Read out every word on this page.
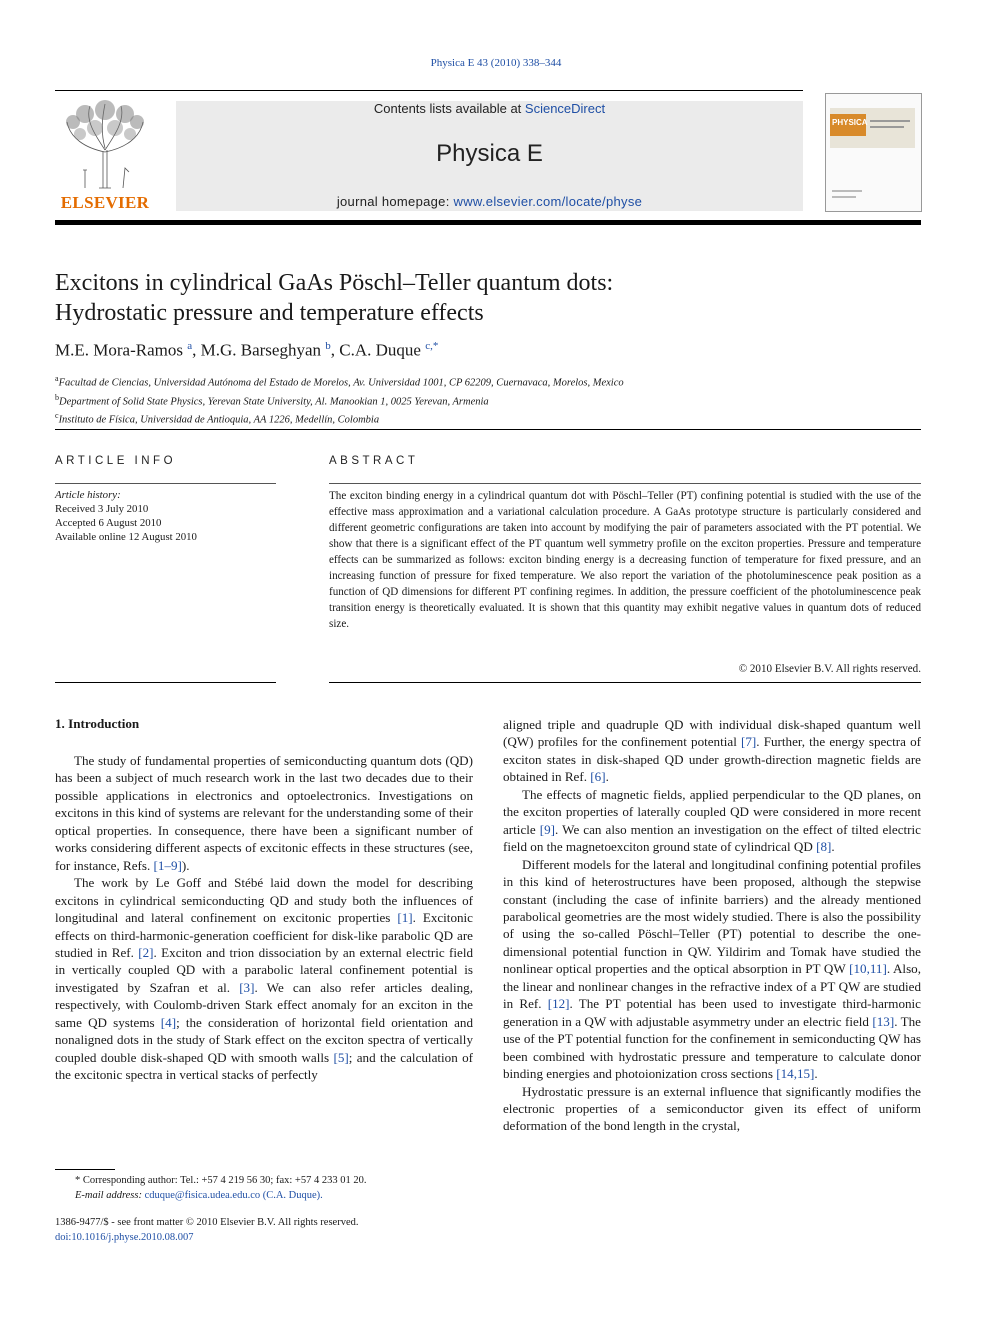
Physica E 43 (2010) 338–344
ELSEVIER
Contents lists available at ScienceDirect
Physica E
journal homepage: www.elsevier.com/locate/physe
PHYSICA
Excitons in cylindrical GaAs Pöschl–Teller quantum dots:
Hydrostatic pressure and temperature effects
M.E. Mora-Ramos $^a$, M.G. Barseghyan $^b$, C.A. Duque $^{c,*}$
$^a$Facultad de Ciencias, Universidad Autónoma del Estado de Morelos, Av. Universidad 1001, CP 62209, Cuernavaca, Morelos, Mexico
$^b$Department of Solid State Physics, Yerevan State University, Al. Manookian 1, 0025 Yerevan, Armenia
$^c$Instituto de Física, Universidad de Antioquia, AA 1226, Medellín, Colombia
ARTICLE INFO	ABSTRACT
Article history:
Received 3 July 2010
Accepted 6 August 2010
Available online 12 August 2010
The exciton binding energy in a cylindrical quantum dot with Pöschl–Teller (PT) confining potential is studied with the use of the effective mass approximation and a variational calculation procedure. A GaAs prototype structure is particularly considered and different geometric configurations are taken into account by modifying the pair of parameters associated with the PT potential. We show that there is a significant effect of the PT quantum well symmetry profile on the exciton properties. Pressure and temperature effects can be summarized as follows: exciton binding energy is a decreasing function of temperature for fixed pressure, and an increasing function of pressure for fixed temperature. We also report the variation of the photoluminescence peak position as a function of QD dimensions for different PT confining regimes. In addition, the pressure coefficient of the photoluminescence peak transition energy is theoretically evaluated. It is shown that this quantity may exhibit negative values in quantum dots of reduced size.
© 2010 Elsevier B.V. All rights reserved.
1. Introduction

The study of fundamental properties of semiconducting quantum dots (QD) has been a subject of much research work in the last two decades due to their possible applications in electronics and optoelectronics. Investigations on excitons in this kind of systems are relevant for the understanding some of their optical properties. In consequence, there have been a significant number of works considering different aspects of excitonic effects in these structures (see, for instance, Refs. [1–9]).

The work by Le Goff and Stébé laid down the model for describing excitons in cylindrical semiconducting QD and study both the influences of longitudinal and lateral confinement on excitonic properties [1]. Excitonic effects on third-harmonic-generation coefficient for disk-like parabolic QD are studied in Ref. [2]. Exciton and trion dissociation by an external electric field in vertically coupled QD with a parabolic lateral confinement potential is investigated by Szafran et al. [3]. We can also refer articles dealing, respectively, with Coulomb-driven Stark effect anomaly for an exciton in the same QD systems [4]; the consideration of horizontal field orientation and nonaligned dots in the study of Stark effect on the exciton spectra of vertically coupled double disk-shaped QD with smooth walls [5]; and the calculation of the excitonic spectra in vertical stacks of perfectly

aligned triple and quadruple QD with individual disk-shaped quantum well (QW) profiles for the confinement potential [7]. Further, the energy spectra of exciton states in disk-shaped QD under growth-direction magnetic fields are obtained in Ref. [6].

The effects of magnetic fields, applied perpendicular to the QD planes, on the exciton properties of laterally coupled QD were considered in more recent article [9]. We can also mention an investigation on the effect of tilted electric field on the magnetoexciton ground state of cylindrical QD [8].

Different models for the lateral and longitudinal confining potential profiles in this kind of heterostructures have been proposed, although the stepwise constant (including the case of infinite barriers) and the already mentioned parabolical geometries are the most widely studied. There is also the possibility of using the so-called Pöschl–Teller (PT) potential to describe the one-dimensional potential function in QW. Yildirim and Tomak have studied the nonlinear optical properties and the optical absorption in PT QW [10,11]. Also, the linear and nonlinear changes in the refractive index of a PT QW are studied in Ref. [12]. The PT potential has been used to investigate third-harmonic generation in a QW with adjustable asymmetry under an electric field [13]. The use of the PT potential function for the confinement in semiconducting QW has been combined with hydrostatic pressure and temperature to calculate donor binding energies and photoionization cross sections [14,15].

Hydrostatic pressure is an external influence that significantly modifies the electronic properties of a semiconductor given its effect of uniform deformation of the bond length in the crystal,

* Corresponding author: Tel.: +57 4 219 56 30; fax: +57 4 233 01 20.
E-mail address: cduque@fisica.udea.edu.co (C.A. Duque).
1386-9477/$ - see front matter © 2010 Elsevier B.V. All rights reserved.
doi:10.1016/j.physe.2010.08.007
